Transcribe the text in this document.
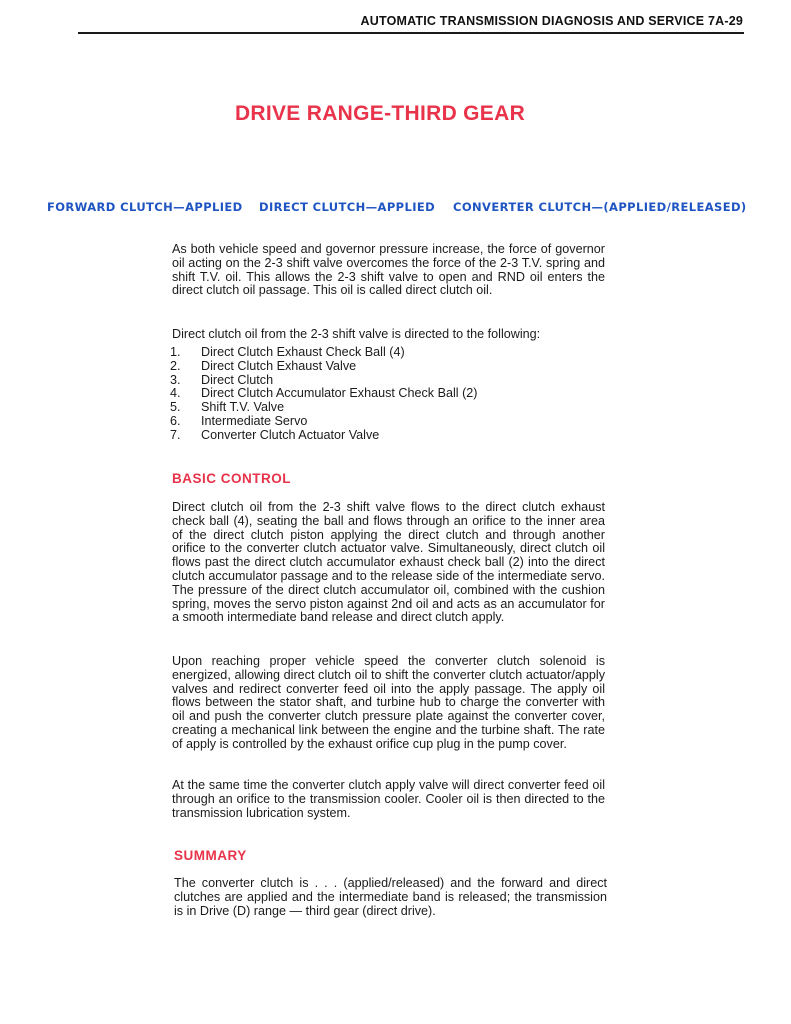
AUTOMATIC TRANSMISSION DIAGNOSIS AND SERVICE 7A-29
DRIVE RANGE-THIRD GEAR
FORWARD CLUTCH—APPLIED DIRECT CLUTCH—APPLIED CONVERTER CLUTCH—(APPLIED/RELEASED)

As both vehicle speed and governor pressure increase, the force of governor oil acting on the 2-3 shift valve overcomes the force of the 2-3 T.V. spring and shift T.V. oil. This allows the 2-3 shift valve to open and RND oil enters the direct clutch oil passage. This oil is called direct clutch oil.

Direct clutch oil from the 2-3 shift valve is directed to the following:

1. Direct Clutch Exhaust Check Ball (4)
2. Direct Clutch Exhaust Valve
3. Direct Clutch
4. Direct Clutch Accumulator Exhaust Check Ball (2)
5. Shift T.V. Valve
6. Intermediate Servo
7. Converter Clutch Actuator Valve
BASIC CONTROL

Direct clutch oil from the 2-3 shift valve flows to the direct clutch exhaust check ball (4), seating the ball and flows through an orifice to the inner area of the direct clutch piston applying the direct clutch and through another orifice to the converter clutch actuator valve. Simultaneously, direct clutch oil flows past the direct clutch accumulator exhaust check ball (2) into the direct clutch accumulator passage and to the release side of the intermediate servo. The pressure of the direct clutch accumulator oil, combined with the cushion spring, moves the servo piston against 2nd oil and acts as an accumulator for a smooth intermediate band release and direct clutch apply.

Upon reaching proper vehicle speed the converter clutch solenoid is energized, allowing direct clutch oil to shift the converter clutch actuator/apply valves and redirect converter feed oil into the apply passage. The apply oil flows between the stator shaft, and turbine hub to charge the converter with oil and push the converter clutch pressure plate against the converter cover, creating a mechanical link between the engine and the turbine shaft. The rate of apply is controlled by the exhaust orifice cup plug in the pump cover.

At the same time the converter clutch apply valve will direct converter feed oil through an orifice to the transmission cooler. Cooler oil is then directed to the transmission lubrication system.

SUMMARY

The converter clutch is . . . (applied/released) and the forward and direct clutches are applied and the intermediate band is released; the transmission is in Drive (D) range — third gear (direct drive).
